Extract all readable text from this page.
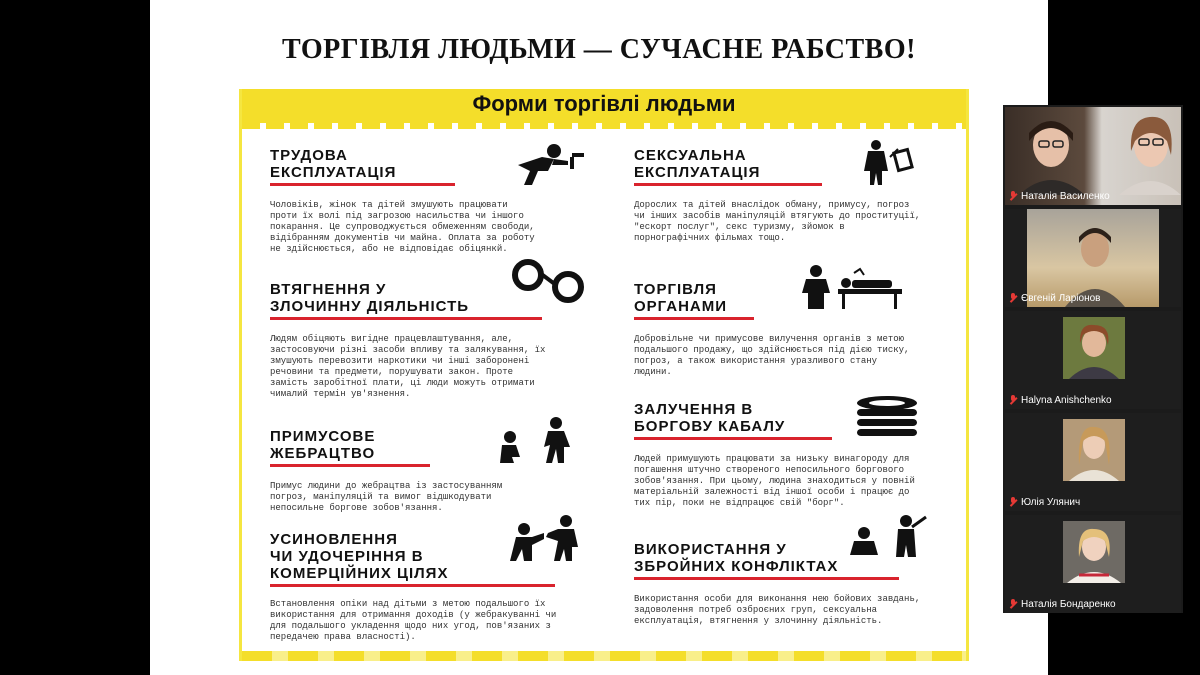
ТОРГІВЛЯ ЛЮДЬМИ — СУЧАСНЕ РАБСТВО!
Форми торгівлі людьми
ТРУДОВА
ЕКСПЛУАТАЦІЯ
Чоловіків, жінок та дітей змушують працювати проти їх волі під загрозою насильства чи іншого покарання. Це супроводжується обмеженням свободи, відібранням документів чи майна. Оплата за роботу не здійснюється, або не відповідає обіцянкй.
ВТЯГНЕННЯ У
ЗЛОЧИННУ ДІЯЛЬНІСТЬ
Людям обіцяють вигідне працевлаштування, але, застосовуючи різні засоби впливу та залякування, їх змушують перевозити наркотики чи інші заборонені речовини та предмети, порушувати закон. Проте замість заробітної плати, ці люди можуть отримати чималий термін ув'язнення.
ПРИМУСОВЕ
ЖЕБРАЦТВО
Примус людини до жебрацтва із застосуванням погроз, маніпуляцій та вимог відшкодувати непосильне боргове зобов'язання.
УСИНОВЛЕННЯ
ЧИ УДОЧЕРІННЯ В
КОМЕРЦІЙНИХ ЦІЛЯХ
Встановлення опіки над дітьми з метою подальшого їх використання для отримання доходів (у жебракуванні чи для подальшого укладення щодо них угод, пов'язаних з передачею права власності).
СЕКСУАЛЬНА
ЕКСПЛУАТАЦІЯ
Дорослих та дітей внаслідок обману, примусу, погроз чи інших засобів маніпуляцій втягують до проституції, "ескорт послуг", секс туризму, зйомок в порнографічних фільмах тощо.
ТОРГІВЛЯ
ОРГАНАМИ
Добровільне чи примусове вилучення органів з метою подальшого продажу, що здійснюється під дією тиску, погроз, а також використання уразливого стану людини.
ЗАЛУЧЕННЯ В
БОРГОВУ КАБАЛУ
Людей примушують працювати за низьку винагороду для погашення штучно створеного непосильного боргового зобов'язання. При цьому, людина знаходиться у повній матеріальній залежності від іншої особи і працює до тих пір, поки не відпрацює свій "борг".
ВИКОРИСТАННЯ У
ЗБРОЙНИХ КОНФЛІКТАХ
Використання особи для виконання нею бойових завдань, задоволення потреб озброєних груп, сексуальна експлуатація, втягнення у злочинну діяльність.
Наталія Василенко
Євгеній Ларіонов
Halyna Anishchenko
Юлія Улянич
Наталія Бондаренко
